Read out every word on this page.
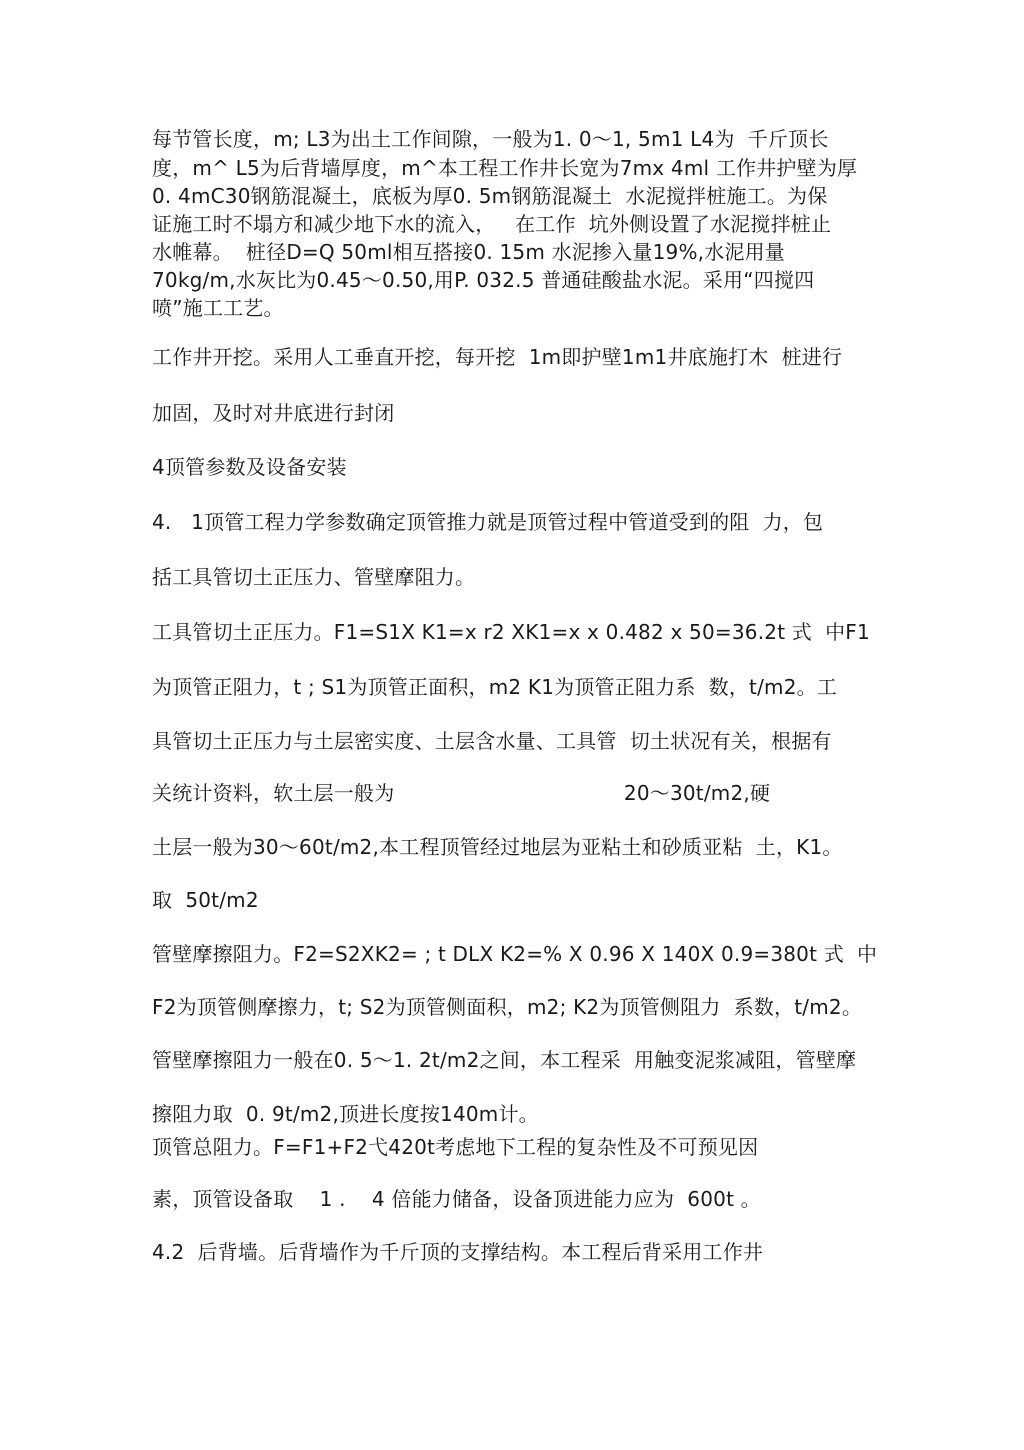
每节管长度，m; L3为出土工作间隙，一般为1. 0〜1, 5m1 L4为  千斤顶长
度，m^ L5为后背墙厚度，m^本工程工作井长宽为7mx 4ml 工作井护壁为厚
0. 4mC30钢筋混凝土，底板为厚0. 5m钢筋混凝土  水泥搅拌桩施工。为保
证施工时不塌方和减少地下水的流入，   在工作  坑外侧设置了水泥搅拌桩止
水帷幕。  桩径D=Q 50ml相互搭接0. 15m 水泥掺入量19%,水泥用量
70kg/m,水灰比为0.45〜0.50,用P. 032.5 普通硅酸盐水泥。采用“四搅四
喷”施工工艺。
工作井开挖。采用人工垂直开挖，每开挖  1m即护壁1m1井底施打木  桩进行
加固，及时对井底进行封闭
4顶管参数及设备安装
4.   1顶管工程力学参数确定顶管推力就是顶管过程中管道受到的阻  力，包
括工具管切土正压力、管壁摩阻力。
工具管切土正压力。F1=S1X K1=x r2 XK1=x x 0.482 x 50=36.2t 式  中F1
为顶管正阻力，t ; S1为顶管正面积，m2 K1为顶管正阻力系  数，t/m2。工
具管切土正压力与土层密实度、土层含水量、工具管  切土状况有关，根据有
关统计资料，软土层一般为                                   20〜30t/m2,硬
土层一般为30〜60t/m2,本工程顶管经过地层为亚粘土和砂质亚粘  土，K1。
取  50t/m2
管壁摩擦阻力。F2=S2XK2= ; t DLX K2=% X 0.96 X 140X 0.9=380t 式  中
F2为顶管侧摩擦力，t; S2为顶管侧面积，m2; K2为顶管侧阻力  系数，t/m2。
管壁摩擦阻力一般在0. 5〜1. 2t/m2之间，本工程采  用触变泥浆减阻，管壁摩
擦阻力取  0. 9t/m2,顶进长度按140m计。
顶管总阻力。F=F1+F2弋420t考虑地下工程的复杂性及不可预见因
素，顶管设备取    1 .    4 倍能力储备，设备顶进能力应为  600t 。
4.2  后背墙。后背墙作为千斤顶的支撑结构。本工程后背采用工作井
